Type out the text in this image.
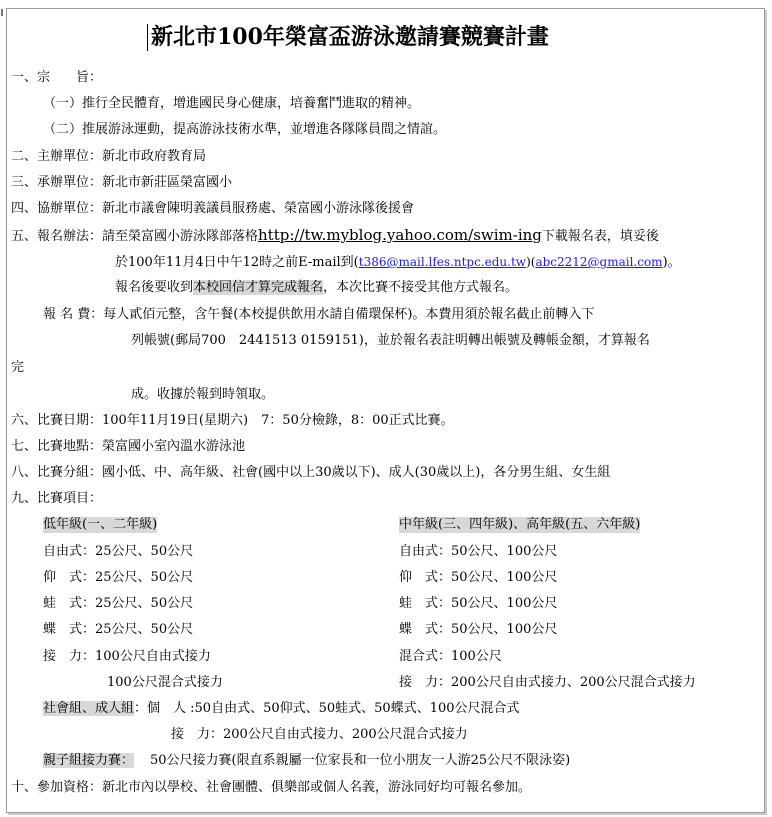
新北市100年榮富盃游泳邀請賽競賽計畫
一、宗　　旨：
（一）推行全民體育，增進國民身心健康，培養奮鬥進取的精神。
（二）推展游泳運動，提高游泳技術水準，並增進各隊隊員間之情誼。
二、主辦單位：新北市政府教育局
三、承辦單位：新北市新莊區榮富國小
四、協辦單位：新北市議會陳明義議員服務處、榮富國小游泳隊後援會
五、報名辦法：請至榮富國小游泳隊部落格http://tw.myblog.yahoo.com/swim-ing下載報名表，填妥後
於100年11月4日中午12時之前E-mail到(t386@mail.lfes.ntpc.edu.tw)(abc2212@gmail.com)。
報名後要收到本校回信才算完成報名，本次比賽不接受其他方式報名。
報 名 費：每人貳佰元整，含午餐(本校提供飲用水請自備環保杯)。本費用須於報名截止前轉入下
列帳號(郵局700　2441513 0159151)，並於報名表註明轉出帳號及轉帳金額，才算報名
完
成。收據於報到時領取。
六、比賽日期：100年11月19日(星期六)　7：50分檢錄，8：00正式比賽。
七、比賽地點：榮富國小室內溫水游泳池
八、比賽分組：國小低、中、高年級、社會(國中以上30歲以下)、成人(30歲以上)，各分男生組、女生組
九、比賽項目：
低年級(一、二年級)	中年級(三、四年級)、高年級(五、六年級)
自由式：25公尺、50公尺
仰　式：25公尺、50公尺
蛙　式：25公尺、50公尺
蝶　式：25公尺、50公尺
接　力：100公尺自由式接力
100公尺混合式接力
自由式：50公尺、100公尺
仰　式：50公尺、100公尺
蛙　式：50公尺、100公尺
蝶　式：50公尺、100公尺
混合式：100公尺
接　力：200公尺自由式接力、200公尺混合式接力
社會組、成人組：個　人 :50自由式、50仰式、50蛙式、50蝶式、100公尺混合式
接　力：200公尺自由式接力、200公尺混合式接力
親子組接力賽： 50公尺接力賽(限直系親屬一位家長和一位小朋友一人游25公尺不限泳姿)
十、參加資格：新北市內以學校、社會團體、俱樂部或個人名義，游泳同好均可報名參加。
